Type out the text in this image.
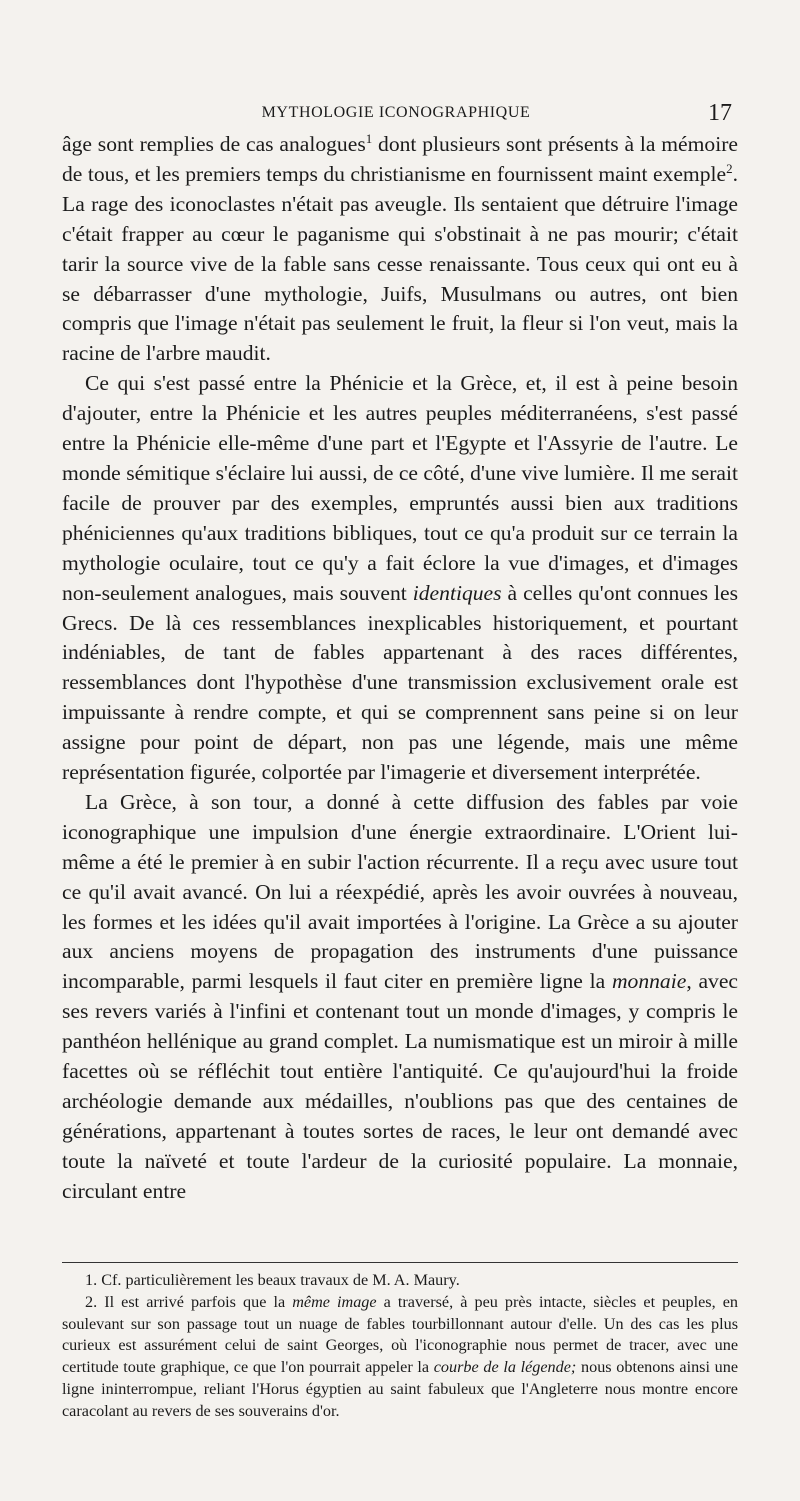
MYTHOLOGIE ICONOGRAPHIQUE	17

âge sont remplies de cas analogues$^1$ dont plusieurs sont présents à la mémoire de tous, et les premiers temps du christianisme en fournissent maint exemple$^2$. La rage des iconoclastes n'était pas aveugle. Ils sentaient que détruire l'image c'était frapper au cœur le paganisme qui s'obstinait à ne pas mourir; c'était tarir la source vive de la fable sans cesse renaissante. Tous ceux qui ont eu à se débarrasser d'une mythologie, Juifs, Musulmans ou autres, ont bien compris que l'image n'était pas seulement le fruit, la fleur si l'on veut, mais la racine de l'arbre maudit.

Ce qui s'est passé entre la Phénicie et la Grèce, et, il est à peine besoin d'ajouter, entre la Phénicie et les autres peuples méditerranéens, s'est passé entre la Phénicie elle-même d'une part et l'Egypte et l'Assyrie de l'autre. Le monde sémitique s'éclaire lui aussi, de ce côté, d'une vive lumière. Il me serait facile de prouver par des exemples, empruntés aussi bien aux traditions phéniciennes qu'aux traditions bibliques, tout ce qu'a produit sur ce terrain la mythologie oculaire, tout ce qu'y a fait éclore la vue d'images, et d'images non-seulement analogues, mais souvent identiques à celles qu'ont connues les Grecs. De là ces ressemblances inexplicables historiquement, et pourtant indéniables, de tant de fables appartenant à des races différentes, ressemblances dont l'hypothèse d'une transmission exclusivement orale est impuissante à rendre compte, et qui se comprennent sans peine si on leur assigne pour point de départ, non pas une légende, mais une même représentation figurée, colportée par l'imagerie et diversement interprétée.

La Grèce, à son tour, a donné à cette diffusion des fables par voie iconographique une impulsion d'une énergie extraordinaire. L'Orient lui-même a été le premier à en subir l'action récurrente. Il a reçu avec usure tout ce qu'il avait avancé. On lui a réexpédié, après les avoir ouvrées à nouveau, les formes et les idées qu'il avait importées à l'origine. La Grèce a su ajouter aux anciens moyens de propagation des instruments d'une puissance incomparable, parmi lesquels il faut citer en première ligne la monnaie, avec ses revers variés à l'infini et contenant tout un monde d'images, y compris le panthéon hellénique au grand complet. La numismatique est un miroir à mille facettes où se réfléchit tout entière l'antiquité. Ce qu'aujourd'hui la froide archéologie demande aux médailles, n'oublions pas que des centaines de générations, appartenant à toutes sortes de races, le leur ont demandé avec toute la naïveté et toute l'ardeur de la curiosité populaire. La monnaie, circulant entre

1. Cf. particulièrement les beaux travaux de M. A. Maury.

2. Il est arrivé parfois que la même image a traversé, à peu près intacte, siècles et peuples, en soulevant sur son passage tout un nuage de fables tourbillonnant autour d'elle. Un des cas les plus curieux est assurément celui de saint Georges, où l'iconographie nous permet de tracer, avec une certitude toute graphique, ce que l'on pourrait appeler la courbe de la légende; nous obtenons ainsi une ligne ininterrompue, reliant l'Horus égyptien au saint fabuleux que l'Angleterre nous montre encore caracolant au revers de ses souverains d'or.
